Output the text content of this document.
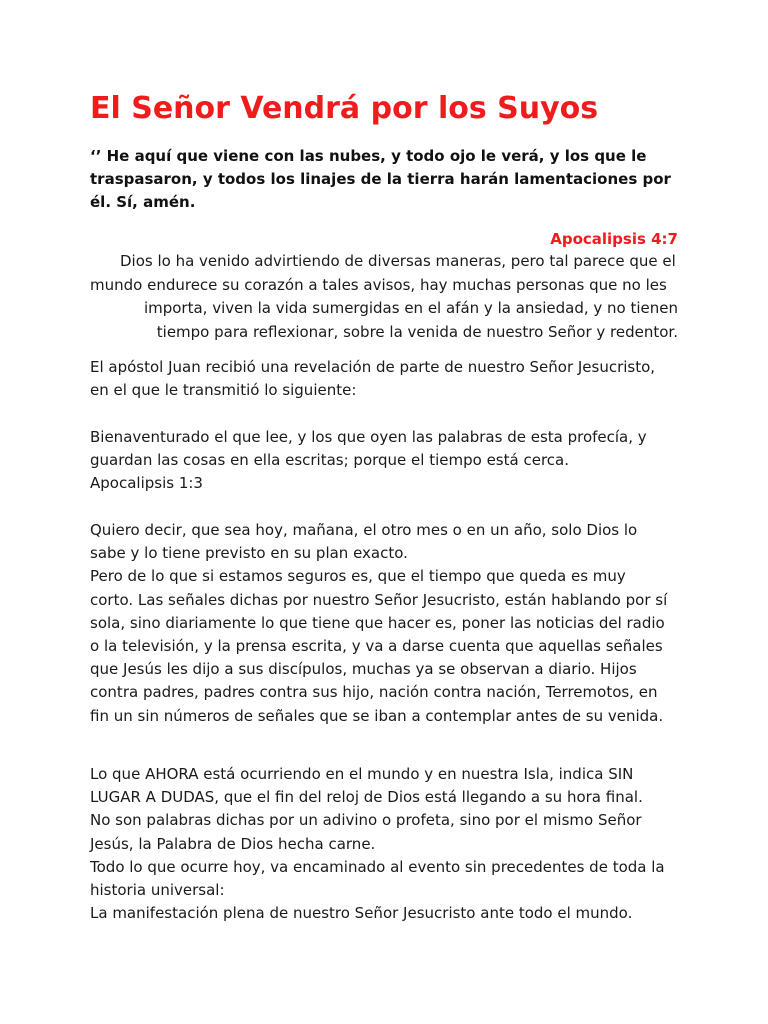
El Señor Vendrá por los Suyos

‘’ He aquí que viene con las nubes, y todo ojo le verá, y los que le
traspasaron, y todos los linajes de la tierra harán lamentaciones por
él. Sí, amén.

Apocalipsis 4:7

Dios lo ha venido advirtiendo de diversas maneras, pero tal parece que el
mundo endurece su corazón a tales avisos, hay muchas personas que no les
importa, viven la vida sumergidas en el afán y la ansiedad, y no tienen
tiempo para reflexionar, sobre la venida de nuestro Señor y redentor.

El apóstol Juan recibió una revelación de parte de nuestro Señor Jesucristo,
en el que le transmitió lo siguiente:

Bienaventurado el que lee, y los que oyen las palabras de esta profecía, y
guardan las cosas en ella escritas; porque el tiempo está cerca.
Apocalipsis 1:3

Quiero decir, que sea hoy, mañana, el otro mes o en un año, solo Dios lo
sabe y lo tiene previsto en su plan exacto.
Pero de lo que si estamos seguros es, que el tiempo que queda es muy
corto. Las señales dichas por nuestro Señor Jesucristo, están hablando por sí
sola, sino diariamente lo que tiene que hacer es, poner las noticias del radio
o la televisión, y la prensa escrita, y va a darse cuenta que aquellas señales
que Jesús les dijo a sus discípulos, muchas ya se observan a diario. Hijos
contra padres, padres contra sus hijo, nación contra nación, Terremotos, en
fin un sin números de señales que se iban a contemplar antes de su venida.

Lo que AHORA está ocurriendo en el mundo y en nuestra Isla, indica SIN
LUGAR A DUDAS, que el fin del reloj de Dios está llegando a su hora final.
No son palabras dichas por un adivino o profeta, sino por el mismo Señor
Jesús, la Palabra de Dios hecha carne.
Todo lo que ocurre hoy, va encaminado al evento sin precedentes de toda la
historia universal:
La manifestación plena de nuestro Señor Jesucristo ante todo el mundo.
